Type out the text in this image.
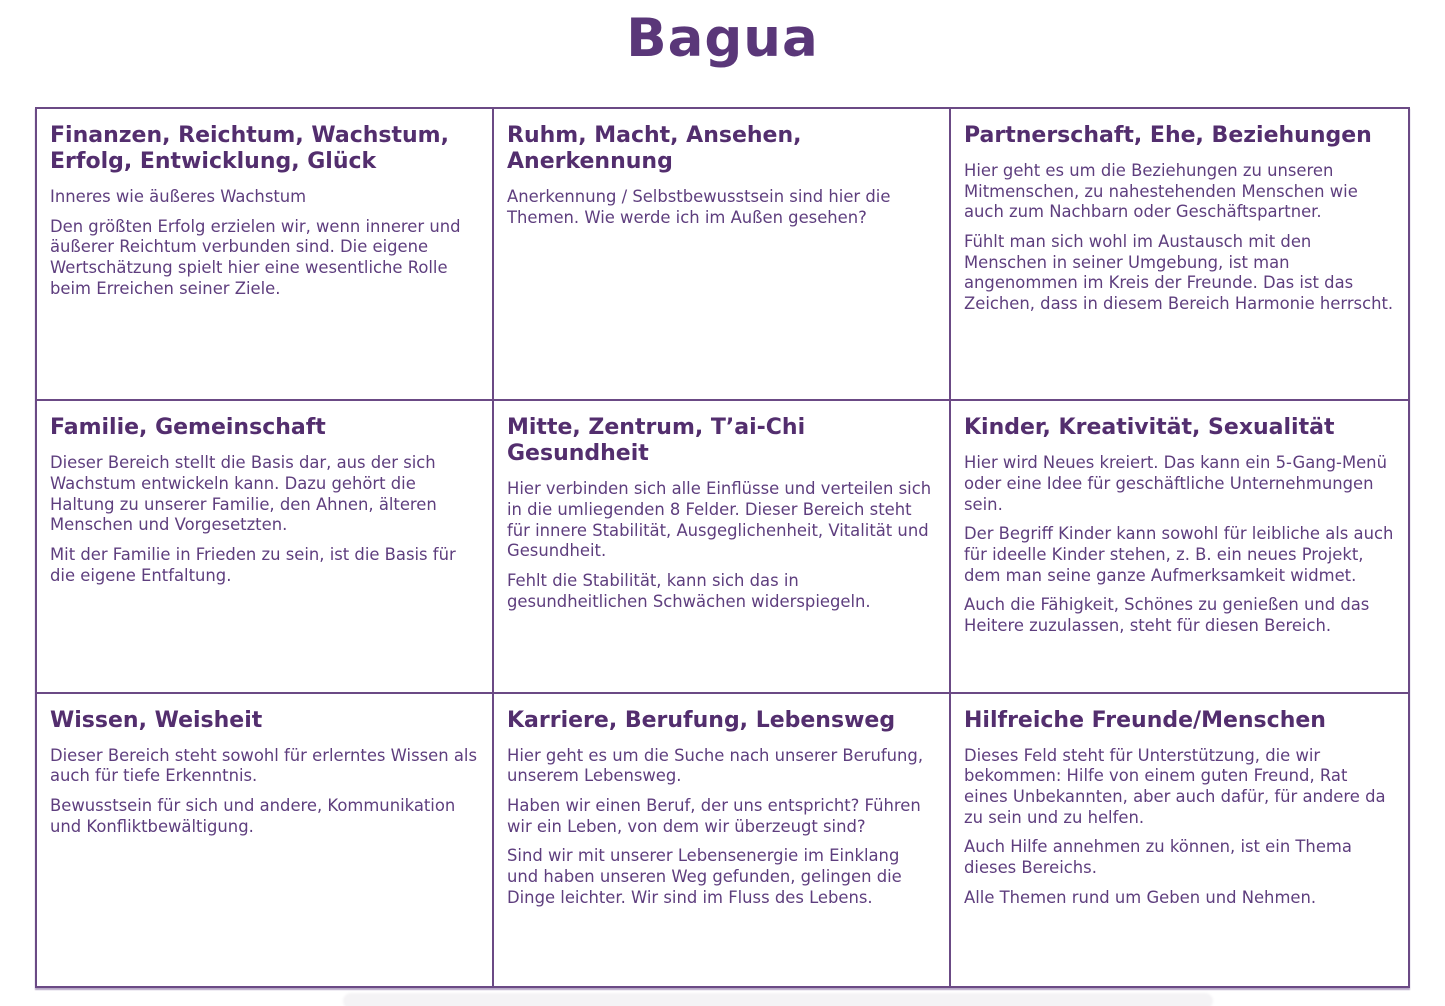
Bagua
Finanzen, Reichtum, Wachstum, Erfolg, Entwicklung, Glück

Inneres wie äußeres Wachstum

Den größten Erfolg erzielen wir, wenn innerer und äußerer Reichtum verbunden sind. Die eigene Wertschätzung spielt hier eine wesentliche Rolle beim Erreichen seiner Ziele.

Ruhm, Macht, Ansehen, Anerkennung

Anerkennung / Selbstbewusstsein sind hier die Themen. Wie werde ich im Außen gesehen?

Partnerschaft, Ehe, Beziehungen

Hier geht es um die Beziehungen zu unseren Mitmenschen, zu nahestehenden Menschen wie auch zum Nachbarn oder Geschäftspartner.

Fühlt man sich wohl im Austausch mit den Menschen in seiner Umgebung, ist man angenommen im Kreis der Freunde. Das ist das Zeichen, dass in diesem Bereich Harmonie herrscht.

Familie, Gemeinschaft

Dieser Bereich stellt die Basis dar, aus der sich Wachstum entwickeln kann. Dazu gehört die Haltung zu unserer Familie, den Ahnen, älteren Menschen und Vorgesetzten.

Mit der Familie in Frieden zu sein, ist die Basis für die eigene Entfaltung.

Mitte, Zentrum, T’ai-Chi Gesundheit

Hier verbinden sich alle Einflüsse und verteilen sich in die umliegenden 8 Felder. Dieser Bereich steht für innere Stabilität, Ausgeglichenheit, Vitalität und Gesundheit.

Fehlt die Stabilität, kann sich das in gesundheitlichen Schwächen widerspiegeln.

Kinder, Kreativität, Sexualität

Hier wird Neues kreiert. Das kann ein 5-Gang-Menü oder eine Idee für geschäftliche Unternehmungen sein.

Der Begriff Kinder kann sowohl für leibliche als auch für ideelle Kinder stehen, z. B. ein neues Projekt, dem man seine ganze Aufmerksamkeit widmet.

Auch die Fähigkeit, Schönes zu genießen und das Heitere zuzulassen, steht für diesen Bereich.

Wissen, Weisheit

Dieser Bereich steht sowohl für erlerntes Wissen als auch für tiefe Erkenntnis.

Bewusstsein für sich und andere, Kommunikation und Konfliktbewältigung.

Karriere, Berufung, Lebensweg

Hier geht es um die Suche nach unserer Berufung, unserem Lebensweg.

Haben wir einen Beruf, der uns entspricht? Führen wir ein Leben, von dem wir überzeugt sind?

Sind wir mit unserer Lebensenergie im Einklang und haben unseren Weg gefunden, gelingen die Dinge leichter. Wir sind im Fluss des Lebens.

Hilfreiche Freunde/Menschen

Dieses Feld steht für Unterstützung, die wir bekommen: Hilfe von einem guten Freund, Rat eines Unbekannten, aber auch dafür, für andere da zu sein und zu helfen.

Auch Hilfe annehmen zu können, ist ein Thema dieses Bereichs.

Alle Themen rund um Geben und Nehmen.
